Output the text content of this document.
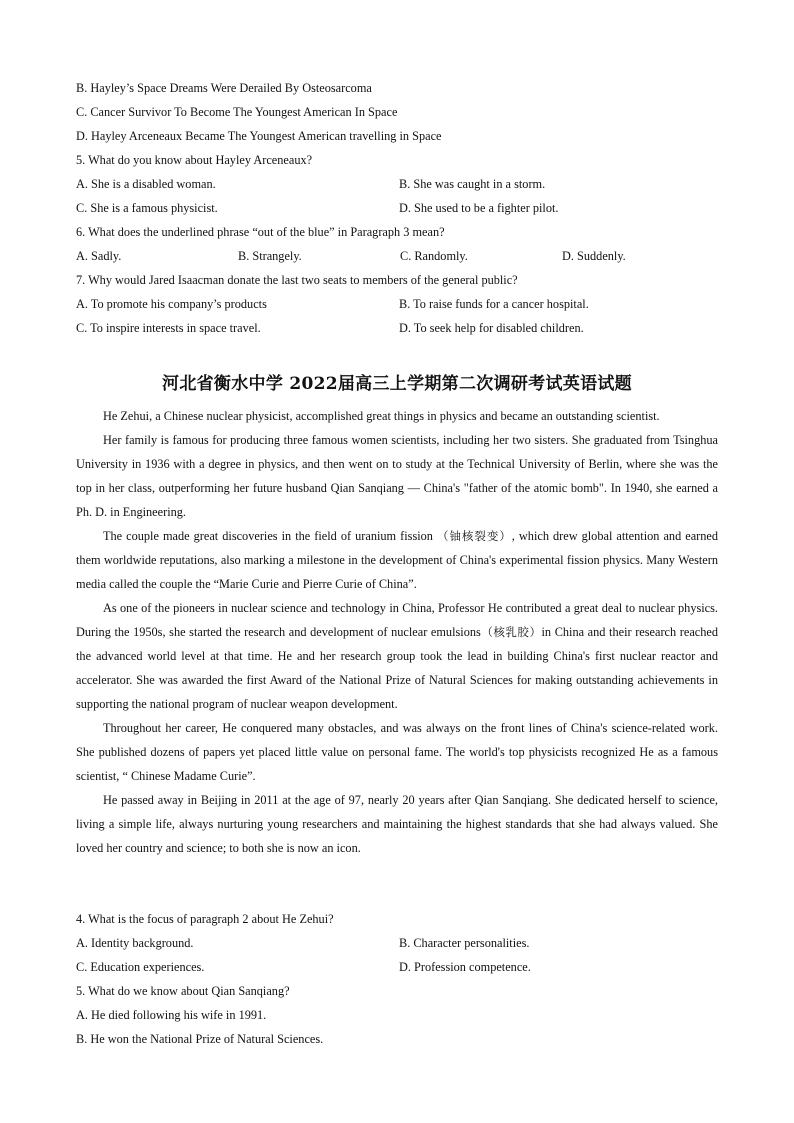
B. Hayley’s Space Dreams Were Derailed By Osteosarcoma
C. Cancer Survivor To Become The Youngest American In Space
D. Hayley Arceneaux Became The Youngest American travelling in Space
5. What do you know about Hayley Arceneaux?
A. She is a disabled woman.	B. She was caught in a storm.
C. She is a famous physicist.	D. She used to be a fighter pilot.
6. What does the underlined phrase “out of the blue” in Paragraph 3 mean?
A. Sadly.	B. Strangely.	C. Randomly.	D. Suddenly.
7. Why would Jared Isaacman donate the last two seats to members of the general public?
A. To promote his company’s products	B. To raise funds for a cancer hospital.
C. To inspire interests in space travel.	D. To seek help for disabled children.
河北省衡水中学 2022届高三上学期第二次调研考试英语试题
He Zehui, a Chinese nuclear physicist, accomplished great things in physics and became an outstanding scientist.
Her family is famous for producing three famous women scientists, including her two sisters. She graduated from Tsinghua University in 1936 with a degree in physics, and then went on to study at the Technical University of Berlin, where she was the top in her class, outperforming her future husband Qian Sanqiang — China's "father of the atomic bomb". In 1940, she earned a Ph. D. in Engineering.
The couple made great discoveries in the field of uranium fission （铀核裂变）, which drew global attention and earned them worldwide reputations, also marking a milestone in the development of China's experimental fission physics. Many Western media called the couple the “Marie Curie and Pierre Curie of China”.
As one of the pioneers in nuclear science and technology in China, Professor He contributed a great deal to nuclear physics. During the 1950s, she started the research and development of nuclear emulsions（核乳胶）in China and their research reached the advanced world level at that time. He and her research group took the lead in building China's first nuclear reactor and accelerator. She was awarded the first Award of the National Prize of Natural Sciences for making outstanding achievements in supporting the national program of nuclear weapon development.
Throughout her career, He conquered many obstacles, and was always on the front lines of China's science-related work. She published dozens of papers yet placed little value on personal fame. The world's top physicists recognized He as a famous scientist, “ Chinese Madame Curie”.
He passed away in Beijing in 2011 at the age of 97, nearly 20 years after Qian Sanqiang. She dedicated herself to science, living a simple life, always nurturing young researchers and maintaining the highest standards that she had always valued. She loved her country and science; to both she is now an icon.
4. What is the focus of paragraph 2 about He Zehui?
A. Identity background.	B. Character personalities.
C. Education experiences.	D. Profession competence.
5. What do we know about Qian Sanqiang?
A. He died following his wife in 1991.
B. He won the National Prize of Natural Sciences.
